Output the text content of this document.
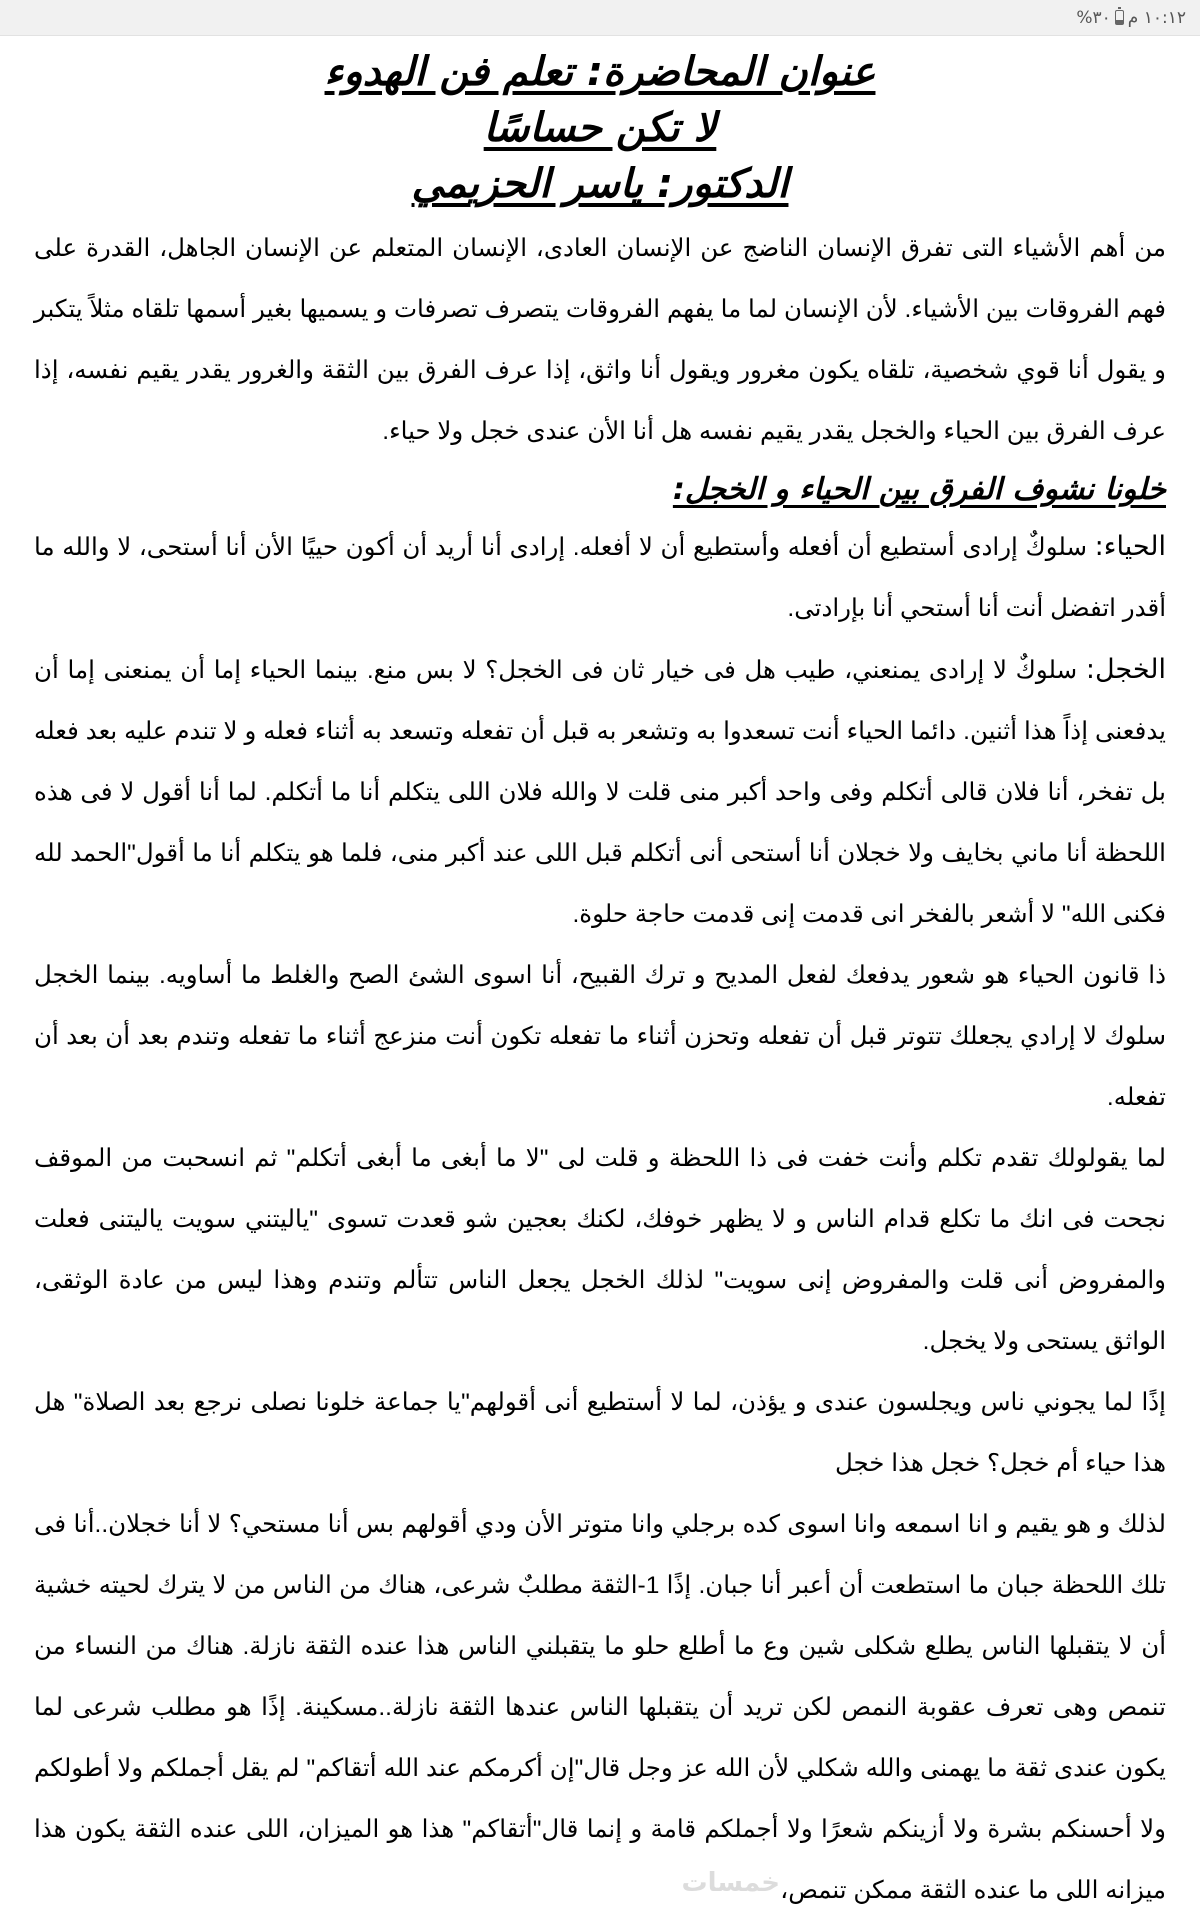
١٠:١٢ م
٣٠%
عنوان المحاضرة: تعلم فن الهدوء
لا تكن حساسًا
الدكتور: ياسر الحزيمي

من أهم الأشياء التى تفرق الإنسان الناضج عن الإنسان العادى، الإنسان المتعلم عن الإنسان الجاهل، القدرة على فهم الفروقات بين الأشياء. لأن الإنسان لما ما يفهم الفروقات يتصرف تصرفات و يسميها بغير أسمها تلقاه مثلاً يتكبر و يقول أنا قوي شخصية، تلقاه يكون مغرور ويقول أنا واثق، إذا عرف الفرق بين الثقة والغرور يقدر يقيم نفسه، إذا عرف الفرق بين الحياء والخجل يقدر يقيم نفسه هل أنا الأن عندى خجل ولا حياء.

خلونا نشوف الفرق بين الحياء و الخجل:

الحياء: سلوكٌ إرادى أستطيع أن أفعله وأستطيع أن لا أفعله. إرادى أنا أريد أن أكون حييًا الأن أنا أستحى، لا والله ما أقدر اتفضل أنت أنا أستحي أنا بإرادتى.

الخجل: سلوكٌ لا إرادى يمنعني، طيب هل فى خيار ثان فى الخجل؟ لا بس منع. بينما الحياء إما أن يمنعنى إما أن يدفعنى إذاً هذا أثنين. دائما الحياء أنت تسعدوا به وتشعر به قبل أن تفعله وتسعد به أثناء فعله و لا تندم عليه بعد فعله بل تفخر، أنا فلان قالى أتكلم وفى واحد أكبر منى قلت لا والله فلان اللى يتكلم أنا ما أتكلم. لما أنا أقول لا فى هذه اللحظة أنا ماني بخايف ولا خجلان أنا أستحى أنى أتكلم قبل اللى عند أكبر منى، فلما هو يتكلم أنا ما أقول"الحمد لله فكنى الله" لا أشعر بالفخر انى قدمت إنى قدمت حاجة حلوة.

ذا قانون الحياء هو شعور يدفعك لفعل المديح و ترك القبيح، أنا اسوى الشئ الصح والغلط ما أساويه. بينما الخجل سلوك لا إرادي يجعلك تتوتر قبل أن تفعله وتحزن أثناء ما تفعله تكون أنت منزعج أثناء ما تفعله وتندم بعد أن بعد أن تفعله.

لما يقولولك تقدم تكلم وأنت خفت فى ذا اللحظة و قلت لى "لا ما أبغى ما أبغى أتكلم" ثم انسحبت من الموقف نجحت فى انك ما تكلع قدام الناس و لا يظهر خوفك، لكنك بعجين شو قعدت تسوى "ياليتني سويت ياليتنى فعلت والمفروض أنى قلت والمفروض إنى سويت" لذلك الخجل يجعل الناس تتألم وتندم وهذا ليس من عادة الوثقى، الواثق يستحى ولا يخجل.

إذًا لما يجوني ناس ويجلسون عندى و يؤذن، لما لا أستطيع أنى أقولهم"يا جماعة خلونا نصلى نرجع بعد الصلاة" هل هذا حياء أم خجل؟ خجل هذا خجل

لذلك و هو يقيم و انا اسمعه وانا اسوى كده برجلي وانا متوتر الأن ودي أقولهم بس أنا مستحي؟ لا أنا خجلان..أنا فى تلك اللحظة جبان ما استطعت أن أعبر أنا جبان. إذًا 1-الثقة مطلبٌ شرعى، هناك من الناس من لا يترك لحيته خشية أن لا يتقبلها الناس يطلع شكلى شين وع ما أطلع حلو ما يتقبلني الناس هذا عنده الثقة نازلة. هناك من النساء من تنمص وهى تعرف عقوبة النمص لكن تريد أن يتقبلها الناس عندها الثقة نازلة..مسكينة. إذًا هو مطلب شرعى لما يكون عندى ثقة ما يهمنى والله شكلي لأن الله عز وجل قال"إن أكرمكم عند الله أتقاكم" لم يقل أجملكم ولا أطولكم ولا أحسنكم بشرة ولا أزينكم شعرًا ولا أجملكم قامة و إنما قال"أتقاكم" هذا هو الميزان، اللى عنده الثقة يكون هذا ميزانه اللى ما عنده الثقة ممكن تنمص،

خمسات
